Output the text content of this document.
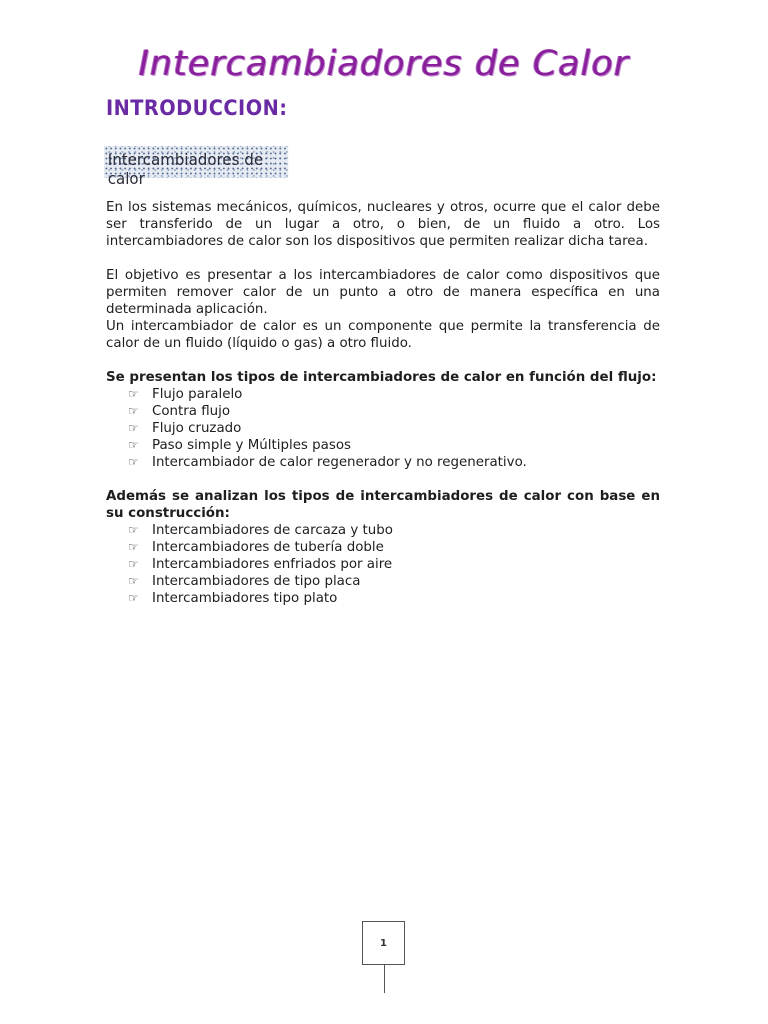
Intercambiadores de Calor
INTRODUCCION:
Intercambiadores de calor

En los sistemas mecánicos, químicos, nucleares y otros, ocurre que el calor debe ser transferido de un lugar a otro, o bien, de un fluido a otro. Los intercambiadores de calor son los dispositivos que permiten realizar dicha tarea.

El objetivo es presentar a los intercambiadores de calor como dispositivos que permiten remover calor de un punto a otro de manera específica en una determinada aplicación.

Un intercambiador de calor es un componente que permite la transferencia de calor de un fluido (líquido o gas) a otro fluido.

Se presentan los tipos de intercambiadores de calor en función del flujo:

☞ Flujo paralelo
☞ Contra flujo
☞ Flujo cruzado
☞ Paso simple y Múltiples pasos
☞ Intercambiador de calor regenerador y no regenerativo.

Además se analizan los tipos de intercambiadores de calor con base en su construcción:

☞ Intercambiadores de carcaza y tubo
☞ Intercambiadores de tubería doble
☞ Intercambiadores enfriados por aire
☞ Intercambiadores de tipo placa
☞ Intercambiadores tipo plato
1
